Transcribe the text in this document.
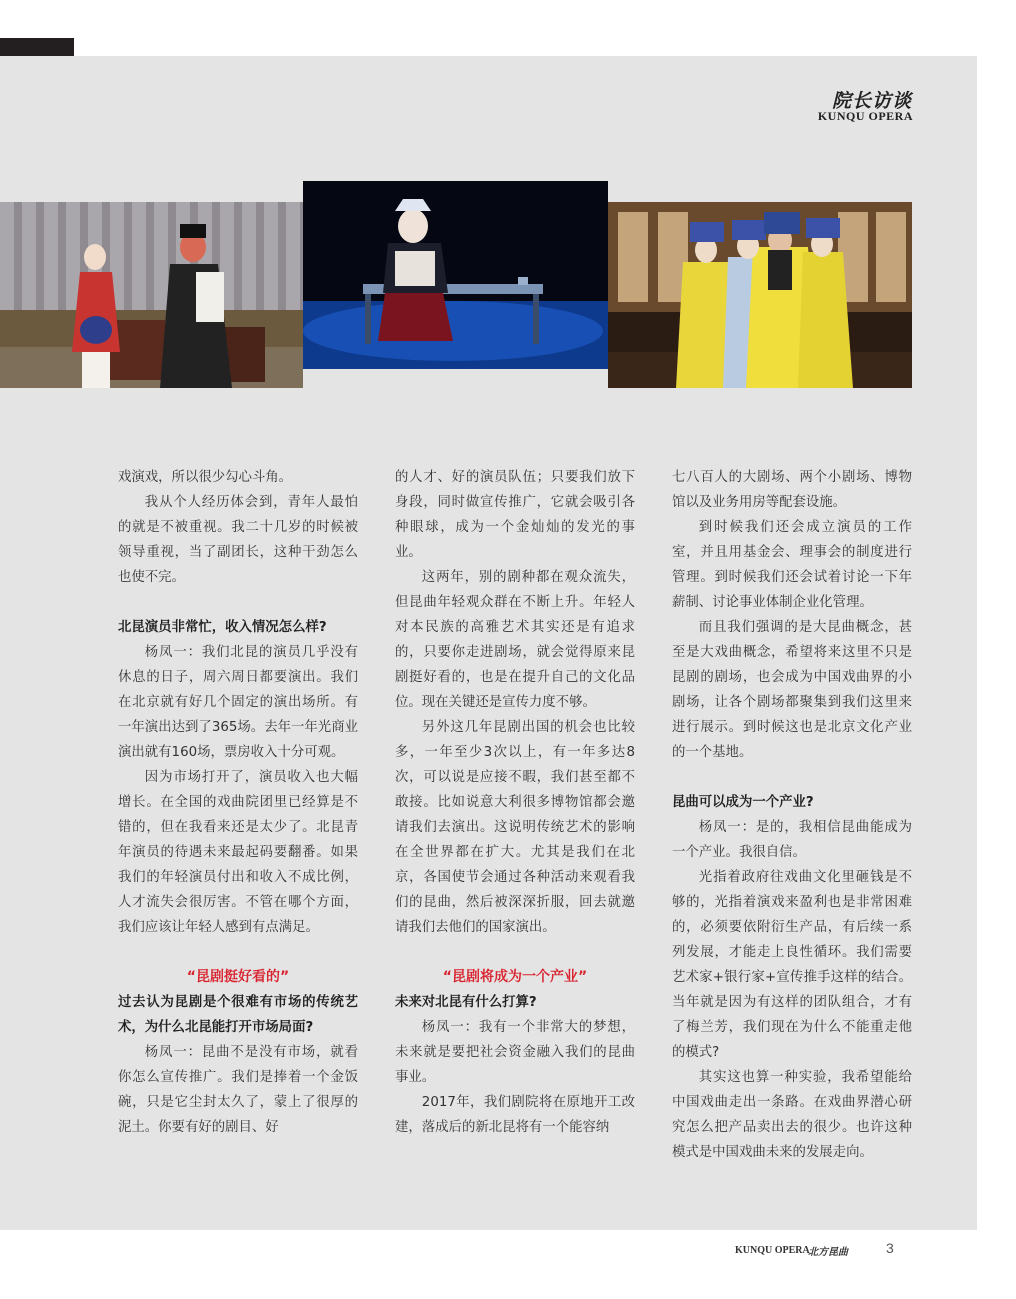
院长访谈
KUNQU OPERA

戏演戏，所以很少勾心斗角。

我从个人经历体会到，青年人最怕的就是不被重视。我二十几岁的时候被领导重视，当了副团长，这种干劲怎么也使不完。

北昆演员非常忙，收入情况怎么样?

杨凤一：我们北昆的演员几乎没有休息的日子，周六周日都要演出。我们在北京就有好几个固定的演出场所。有一年演出达到了365场。去年一年光商业演出就有160场，票房收入十分可观。

因为市场打开了，演员收入也大幅增长。在全国的戏曲院团里已经算是不错的，但在我看来还是太少了。北昆青年演员的待遇未来最起码要翻番。如果我们的年轻演员付出和收入不成比例，人才流失会很厉害。不管在哪个方面，我们应该让年轻人感到有点满足。

“昆剧挺好看的”

过去认为昆剧是个很难有市场的传统艺术，为什么北昆能打开市场局面?

杨凤一：昆曲不是没有市场，就看你怎么宣传推广。我们是捧着一个金饭碗，只是它尘封太久了，蒙上了很厚的泥土。你要有好的剧目、好

的人才、好的演员队伍；只要我们放下身段，同时做宣传推广，它就会吸引各种眼球，成为一个金灿灿的发光的事业。

这两年，别的剧种都在观众流失，但昆曲年轻观众群在不断上升。年轻人对本民族的高雅艺术其实还是有追求的，只要你走进剧场，就会觉得原来昆剧挺好看的，也是在提升自己的文化品位。现在关键还是宣传力度不够。

另外这几年昆剧出国的机会也比较多，一年至少3次以上，有一年多达8次，可以说是应接不暇，我们甚至都不敢接。比如说意大利很多博物馆都会邀请我们去演出。这说明传统艺术的影响在全世界都在扩大。尤其是我们在北京，各国使节会通过各种活动来观看我们的昆曲，然后被深深折服，回去就邀请我们去他们的国家演出。

“昆剧将成为一个产业”

未来对北昆有什么打算?

杨凤一：我有一个非常大的梦想，未来就是要把社会资金融入我们的昆曲事业。

2017年，我们剧院将在原地开工改建，落成后的新北昆将有一个能容纳

七八百人的大剧场、两个小剧场、博物馆以及业务用房等配套设施。

到时候我们还会成立演员的工作室，并且用基金会、理事会的制度进行管理。到时候我们还会试着讨论一下年薪制、讨论事业体制企业化管理。

而且我们强调的是大昆曲概念，甚至是大戏曲概念，希望将来这里不只是昆剧的剧场，也会成为中国戏曲界的小剧场，让各个剧场都聚集到我们这里来进行展示。到时候这也是北京文化产业的一个基地。

昆曲可以成为一个产业?

杨凤一：是的，我相信昆曲能成为一个产业。我很自信。

光指着政府往戏曲文化里砸钱是不够的，光指着演戏来盈利也是非常困难的，必须要依附衍生产品，有后续一系列发展，才能走上良性循环。我们需要艺术家+银行家+宣传推手这样的结合。当年就是因为有这样的团队组合，才有了梅兰芳，我们现在为什么不能重走他的模式?

其实这也算一种实验，我希望能给中国戏曲走出一条路。在戏曲界潜心研究怎么把产品卖出去的很少。也许这种模式是中国戏曲未来的发展走向。

KUNQU OPERA
北方昆曲	3
